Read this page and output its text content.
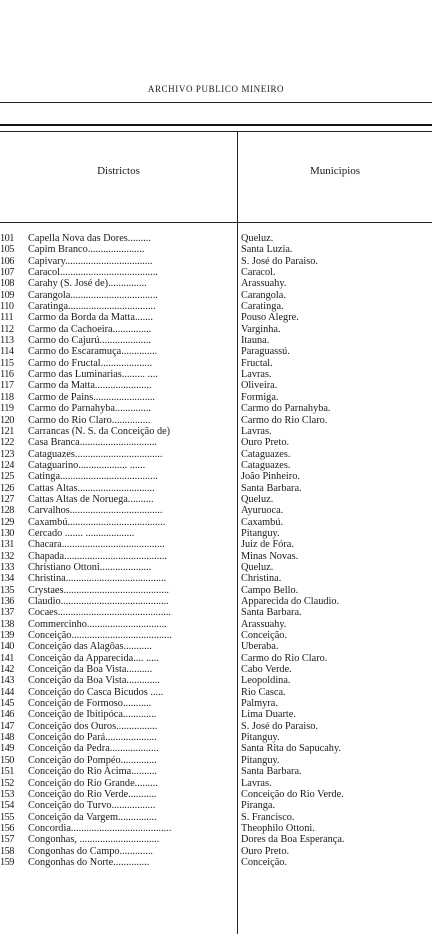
ARCHIVO PUBLICO MINEIRO
Districtos	Municipios
101 Capella Nova das Dores.........	Queluz.
105 Capim Branco......................	Santa Luzia.
106 Capivary..................................	S. José do Paraiso.
107 Caracol......................................	Caracol.
108 Carahy (S. José de)...............	Arassuahy.
109 Carangola..................................	Carangola.
110 Caratinga..................................	Caratinga.
111 Carmo da Borda da Matta.......	Pouso Alegre.
112 Carmo da Cachoeira...............	Varginha.
113 Carmo do Cajurú....................	Itauna.
114 Carmo do Escaramuça..............	Paraguassú.
115 Carmo do Fructal....................	Fructal.
116 Carmo das Luminarias......... ....	Lavras.
117 Carmo da Matta......................	Oliveira.
118 Carmo de Pains........................	Formiga.
119 Carmo do Parnahyba..............	Carmo do Parnahyba.
120 Carmo do Rio Claro...............	Carmo do Rio Claro.
121 Carrancas (N. S. da Conceição de)	Lavras.
122 Casa Branca..............................	Ouro Preto.
123 Cataguazes..................................	Cataguazes.
124 Cataguarino................... ......	Cataguazes.
125 Catinga......................................	João Pinheiro.
126 Cattas Altas..............................	Santa Barbara.
127 Cattas Altas de Noruega..........	Queluz.
128 Carvalhos....................................	Ayuruoca.
129 Caxambú......................................	Caxambú.
130 Cercado ....... ...................	Pitanguy.
131 Chacara........................................	Juiz de Fóra.
132 Chapada........................................	Minas Novas.
133 Christiano Ottoni....................	Queluz.
134 Christina.......................................	Christina.
135 Crystaes.........................................	Campo Bello.
136 Claudio..........................................	Apparecida do Claudio.
137 Cocaes............................................	Santa Barbara.
138 Commercinho...............................	Arassuahy.
139 Conceição.......................................	Conceição.
140 Conceição das Alagôas...........	Uberaba.
141 Conceição da Apparecida.... .....	Carmo do Rio Claro.
142 Conceição da Boa Vista..........	Cabo Verde.
143 Conceição da Boa Vista.............	Leopoldina.
144 Conceição do Casca Bicudos .....	Rio Casca.
145 Conceição de Formoso...........	Palmyra.
146 Conceição de Ibitipóca.............	Lima Duarte.
147 Conceição dos Ouros................	S. José do Paraiso.
148 Conceição do Pará....................	Pitanguy.
149 Conceição da Pedra...................	Santa Rita do Sapucahy.
150 Conceição do Pompéo..............	Pitanguy.
151 Conceição do Rio Acima..........	Santa Barbara.
152 Conceição do Rio Grande.........	Lavras.
153 Conceição do Rio Verde...........	Conceição do Rio Verde.
154 Conceição do Turvo.................	Piranga.
155 Conceição da Vargem...............	S. Francisco.
156 Concordia.......................................	Theophilo Ottoni.
157 Congonhas, ...............................	Dores da Boa Esperança.
158 Congonhas do Campo.............	Ouro Preto.
159 Congonhas do Norte..............	Conceição.
